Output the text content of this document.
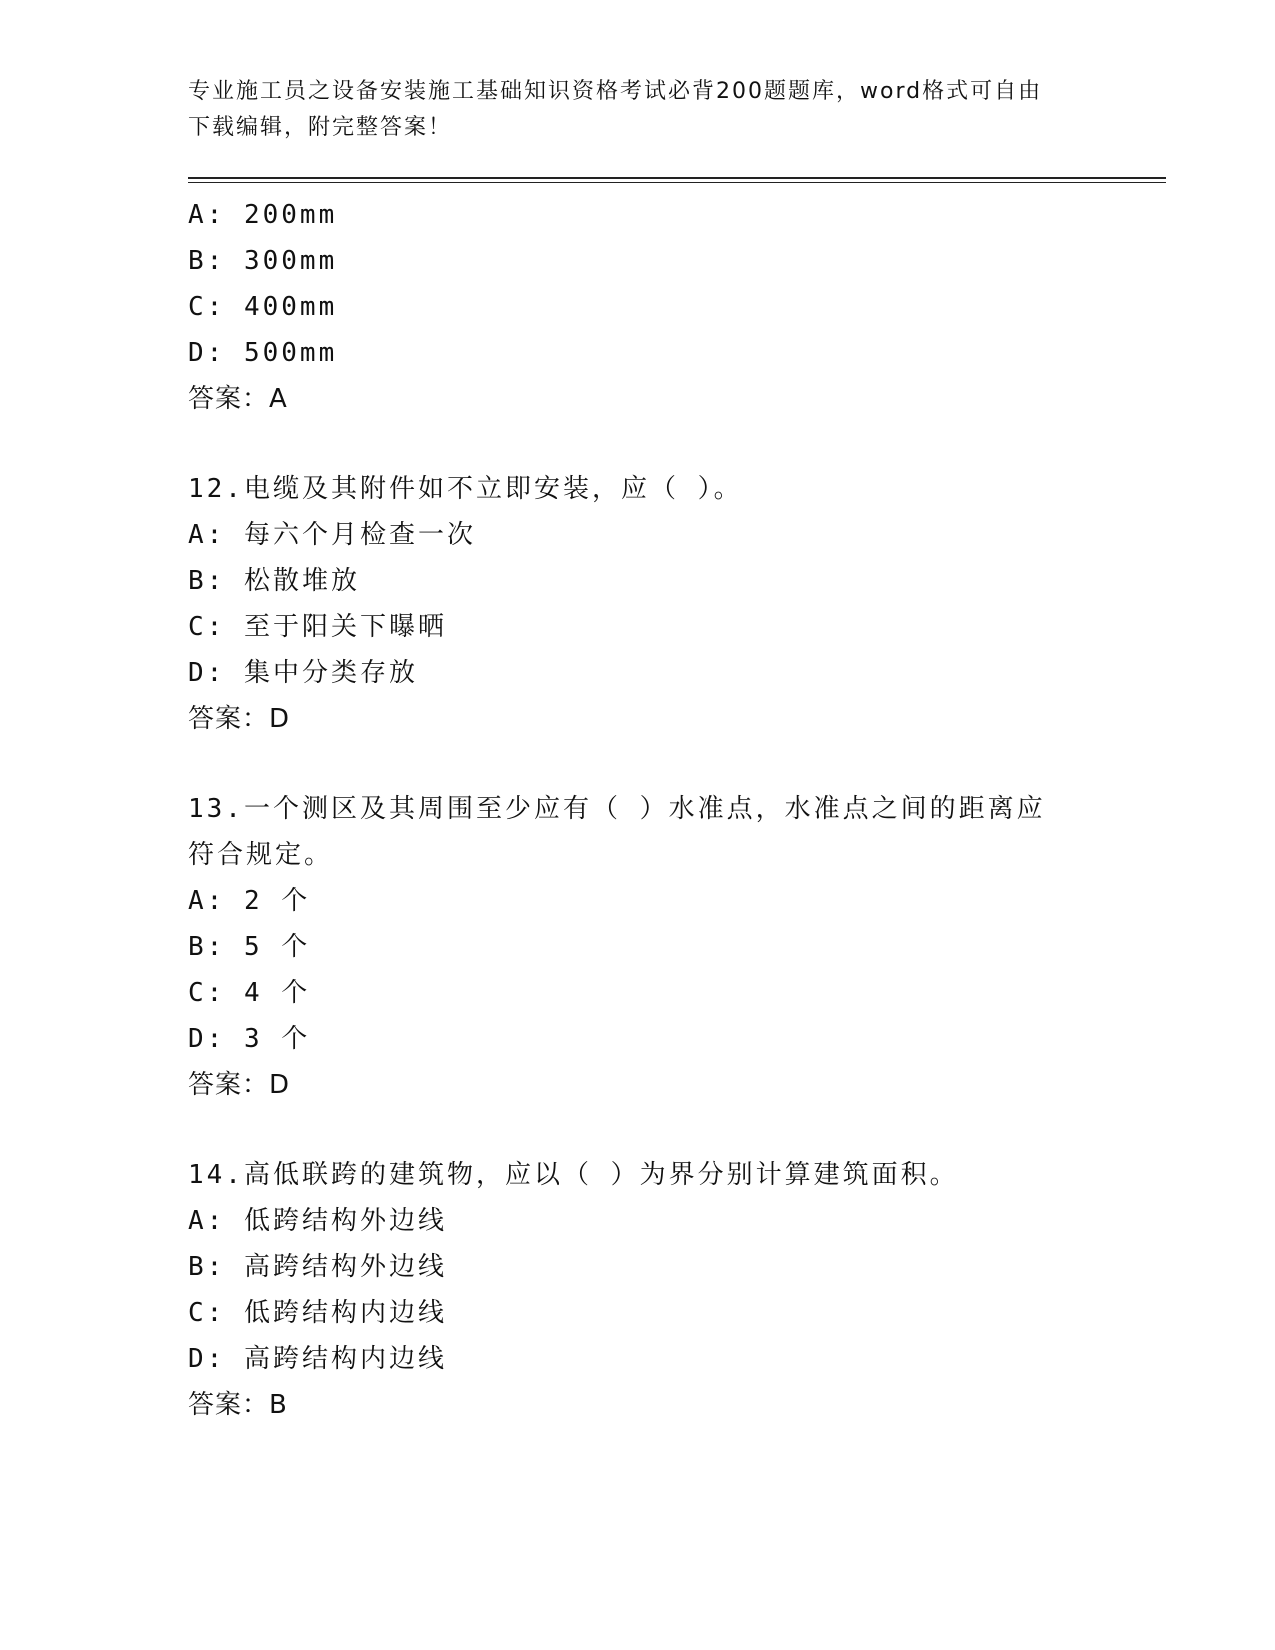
专业施工员之设备安装施工基础知识资格考试必背200题题库，word格式可自由
下载编辑，附完整答案！
A: 200mm
B: 300mm
C: 400mm
D: 500mm
答案：A
12.电缆及其附件如不立即安装，应（ ）。
A: 每六个月检查一次
B: 松散堆放
C: 至于阳关下曝晒
D: 集中分类存放
答案：D
13.一个测区及其周围至少应有（ ）水准点，水准点之间的距离应符合规定。
A: 2 个
B: 5 个
C: 4 个
D: 3 个
答案：D
14.高低联跨的建筑物，应以（ ）为界分别计算建筑面积。
A: 低跨结构外边线
B: 高跨结构外边线
C: 低跨结构内边线
D: 高跨结构内边线
答案：B
